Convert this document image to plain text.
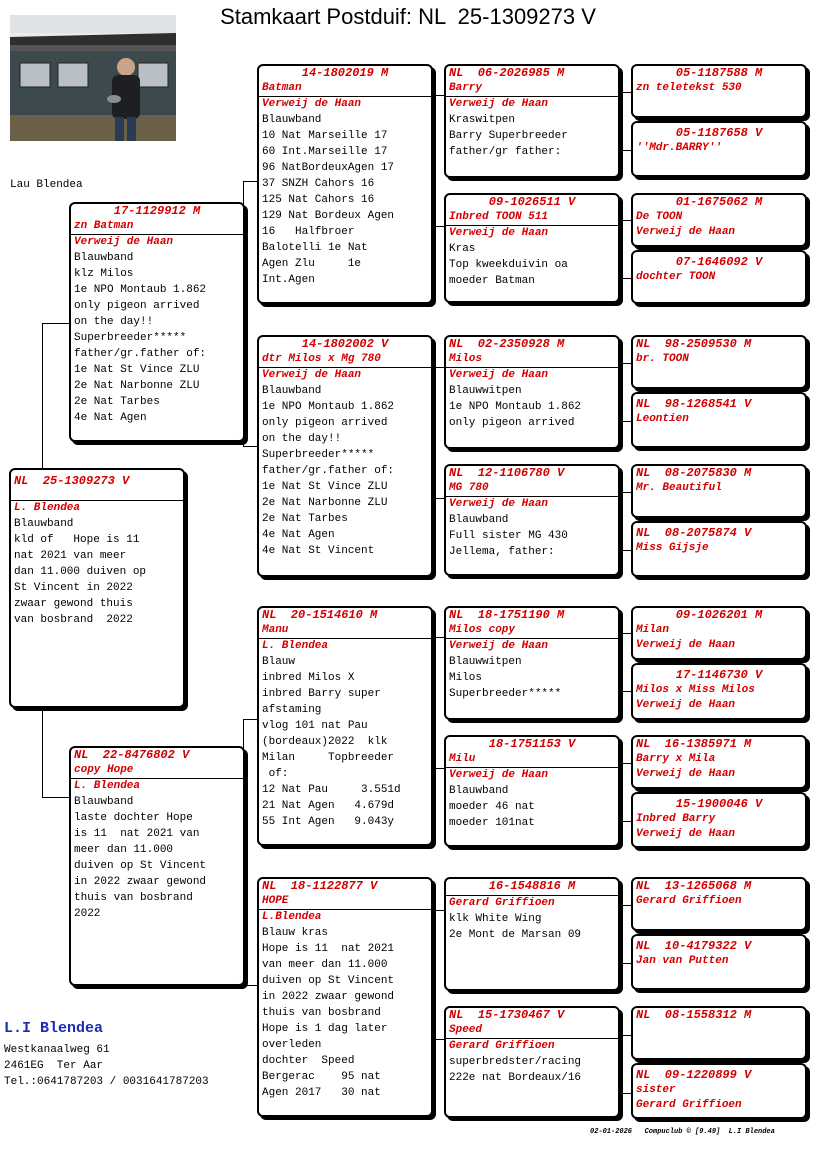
Stamkaart Postduif: NL  25-1309273 V
Lau Blendea
NL  25-1309273 V
L. Blendea
Blauwband
kld of   Hope is 11
nat 2021 van meer
dan 11.000 duiven op
St Vincent in 2022
zwaar gewond thuis
van bosbrand  2022
17-1129912 M
zn Batman
Verweij de Haan
Blauwband
klz Milos
1e NPO Montaub 1.862
only pigeon arrived
on the day!!
Superbreeder*****
father/gr.father of:
1e Nat St Vince ZLU
2e Nat Narbonne ZLU
2e Nat Tarbes
4e Nat Agen
NL  22-8476802 V
copy Hope
L. Blendea
Blauwband
laste dochter Hope
is 11  nat 2021 van
meer dan 11.000
duiven op St Vincent
in 2022 zwaar gewond
thuis van bosbrand
2022
14-1802019 M
Batman
Verweij de Haan
Blauwband
10 Nat Marseille 17
60 Int.Marseille 17
96 NatBordeuxAgen 17
37 SNZH Cahors 16
125 Nat Cahors 16
129 Nat Bordeux Agen
16   Halfbroer
Balotelli 1e Nat
Agen Zlu     1e
Int.Agen
14-1802002 V
dtr Milos x Mg 780
Verweij de Haan
Blauwband
1e NPO Montaub 1.862
only pigeon arrived
on the day!!
Superbreeder*****
father/gr.father of:
1e Nat St Vince ZLU
2e Nat Narbonne ZLU
2e Nat Tarbes
4e Nat Agen
4e Nat St Vincent
NL  20-1514610 M
Manu
L. Blendea
Blauw
inbred Milos X
inbred Barry super
afstaming
vlog 101 nat Pau
(bordeaux)2022  klk
Milan     Topbreeder
of:
12 Nat Pau     3.551d
21 Nat Agen   4.679d
55 Int Agen   9.043y
NL  18-1122877 V
HOPE
L.Blendea
Blauw kras
Hope is 11  nat 2021
van meer dan 11.000
duiven op St Vincent
in 2022 zwaar gewond
thuis van bosbrand
Hope is 1 dag later
overleden
dochter  Speed
Bergerac    95 nat
Agen 2017   30 nat
NL  06-2026985 M
Barry
Verweij de Haan
Kraswitpen
Barry Superbreeder
father/gr father:
09-1026511 V
Inbred TOON 511
Verweij de Haan
Kras
Top kweekduivin oa
moeder Batman
NL  02-2350928 M
Milos
Verweij de Haan
Blauwwitpen
1e NPO Montaub 1.862
only pigeon arrived
NL  12-1106780 V
MG 780
Verweij de Haan
Blauwband
Full sister MG 430
Jellema, father:
NL  18-1751190 M
Milos copy
Verweij de Haan
Blauwwitpen
Milos
Superbreeder*****
18-1751153 V
Milu
Verweij de Haan
Blauwband
moeder 46 nat
moeder 101nat
16-1548816 M
Gerard Griffioen
klk White Wing
2e Mont de Marsan 09
NL  15-1730467 V
Speed
Gerard Griffioen
superbredster/racing
222e nat Bordeaux/16
05-1187588 M
zn teletekst 530
05-1187658 V
''Mdr.BARRY''
01-1675062 M
De TOON
Verweij de Haan
07-1646092 V
dochter TOON
NL  98-2509530 M
br. TOON
NL  98-1268541 V
Leontien
NL  08-2075830 M
Mr. Beautiful
NL  08-2075874 V
Miss Gijsje
09-1026201 M
Milan
Verweij de Haan
17-1146730 V
Milos x Miss Milos
Verweij de Haan
NL  16-1385971 M
Barry x Mila
Verweij de Haan
15-1900046 V
Inbred Barry
Verweij de Haan
NL  13-1265068 M
Gerard Griffioen
NL  10-4179322 V
Jan van Putten
NL  08-1558312 M
NL  09-1220899 V
sister
Gerard Griffioen
L.I Blendea
Westkanaalweg 61
2461EG  Ter Aar
Tel.:0641787203 / 0031641787203
02-01-2026   Compuclub © [9.49]  L.I Blendea
